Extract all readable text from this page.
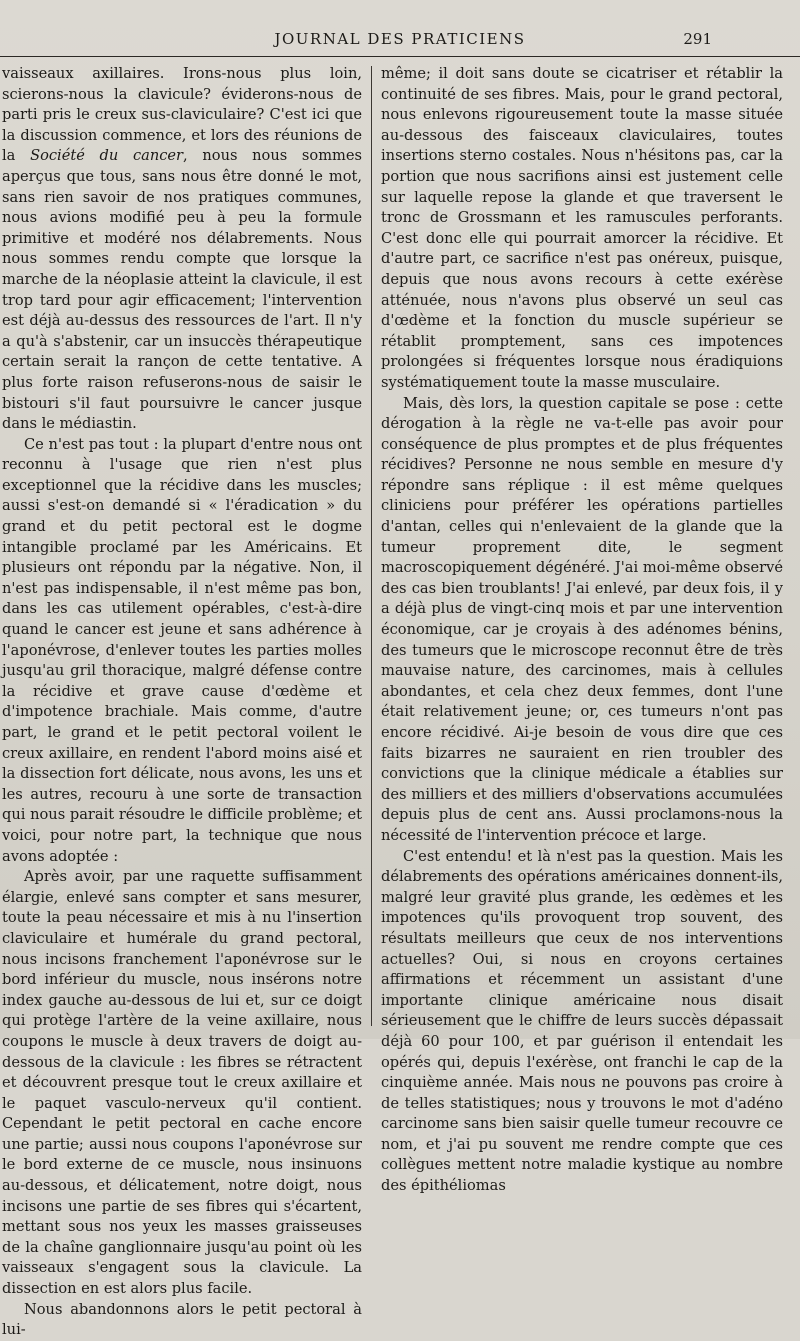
JOURNAL DES PRATICIENS	291

vaisseaux axillaires. Irons-nous plus loin, scierons-nous la clavicule? éviderons-nous de parti pris le creux sus-claviculaire? C'est ici que la discussion commence, et lors des réunions de la Société du cancer, nous nous sommes aperçus que tous, sans nous être donné le mot, sans rien savoir de nos pratiques communes, nous avions modifié peu à peu la formule primitive et modéré nos délabrements. Nous nous sommes rendu compte que lorsque la marche de la néoplasie atteint la clavicule, il est trop tard pour agir efficacement; l'intervention est déjà au-dessus des ressources de l'art. Il n'y a qu'à s'abstenir, car un insuccès thérapeutique certain serait la rançon de cette tentative. A plus forte raison refuserons-nous de saisir le bistouri s'il faut poursuivre le cancer jusque dans le médiastin.

Ce n'est pas tout : la plupart d'entre nous ont reconnu à l'usage que rien n'est plus exceptionnel que la récidive dans les muscles; aussi s'est-on demandé si « l'éradication » du grand et du petit pectoral est le dogme intangible proclamé par les Américains. Et plusieurs ont répondu par la négative. Non, il n'est pas indispensable, il n'est même pas bon, dans les cas utilement opérables, c'est-à-dire quand le cancer est jeune et sans adhérence à l'aponévrose, d'enlever toutes les parties molles jusqu'au gril thoracique, malgré défense contre la récidive et grave cause d'œdème et d'impotence brachiale. Mais comme, d'autre part, le grand et le petit pectoral voilent le creux axillaire, en rendent l'abord moins aisé et la dissection fort délicate, nous avons, les uns et les autres, recouru à une sorte de transaction qui nous parait résoudre le difficile problème; et voici, pour notre part, la technique que nous avons adoptée :

Après avoir, par une raquette suffisamment élargie, enlevé sans compter et sans mesurer, toute la peau nécessaire et mis à nu l'insertion claviculaire et humérale du grand pectoral, nous incisons franchement l'aponévrose sur le bord inférieur du muscle, nous insérons notre index gauche au-dessous de lui et, sur ce doigt qui protège l'artère de la veine axillaire, nous coupons le muscle à deux travers de doigt au-dessous de la clavicule : les fibres se rétractent et découvrent presque tout le creux axillaire et le paquet vasculo-nerveux qu'il contient. Cependant le petit pectoral en cache encore une partie; aussi nous coupons l'aponévrose sur le bord externe de ce muscle, nous insinuons au-dessous, et délicatement, notre doigt, nous incisons une partie de ses fibres qui s'écartent, mettant sous nos yeux les masses graisseuses de la chaîne ganglionnaire jusqu'au point où les vaisseaux s'engagent sous la clavicule. La dissection en est alors plus facile.

Nous abandonnons alors le petit pectoral à lui-

même; il doit sans doute se cicatriser et rétablir la continuité de ses fibres. Mais, pour le grand pectoral, nous enlevons rigoureusement toute la masse située au-dessous des faisceaux claviculaires, toutes insertions sterno costales. Nous n'hésitons pas, car la portion que nous sacrifions ainsi est justement celle sur laquelle repose la glande et que traversent le tronc de Grossmann et les ramuscules perforants. C'est donc elle qui pourrait amorcer la récidive. Et d'autre part, ce sacrifice n'est pas onéreux, puisque, depuis que nous avons recours à cette exérèse atténuée, nous n'avons plus observé un seul cas d'œdème et la fonction du muscle supérieur se rétablit promptement, sans ces impotences prolongées si fréquentes lorsque nous éradiquions systématiquement toute la masse musculaire.

Mais, dès lors, la question capitale se pose : cette dérogation à la règle ne va-t-elle pas avoir pour conséquence de plus promptes et de plus fréquentes récidives? Personne ne nous semble en mesure d'y répondre sans réplique : il est même quelques cliniciens pour préférer les opérations partielles d'antan, celles qui n'enlevaient de la glande que la tumeur proprement dite, le segment macroscopiquement dégénéré. J'ai moi-même observé des cas bien troublants! J'ai enlevé, par deux fois, il y a déjà plus de vingt-cinq mois et par une intervention économique, car je croyais à des adénomes bénins, des tumeurs que le microscope reconnut être de très mauvaise nature, des carcinomes, mais à cellules abondantes, et cela chez deux femmes, dont l'une était relativement jeune; or, ces tumeurs n'ont pas encore récidivé. Ai-je besoin de vous dire que ces faits bizarres ne sauraient en rien troubler des convictions que la clinique médicale a établies sur des milliers et des milliers d'observations accumulées depuis plus de cent ans. Aussi proclamons-nous la nécessité de l'intervention précoce et large.

C'est entendu! et là n'est pas la question. Mais les délabrements des opérations américaines donnent-ils, malgré leur gravité plus grande, les œdèmes et les impotences qu'ils provoquent trop souvent, des résultats meilleurs que ceux de nos interventions actuelles? Oui, si nous en croyons certaines affirmations et récemment un assistant d'une importante clinique américaine nous disait sérieusement que le chiffre de leurs succès dépassait déjà 60 pour 100, et par guérison il entendait les opérés qui, depuis l'exérèse, ont franchi le cap de la cinquième année. Mais nous ne pouvons pas croire à de telles statistiques; nous y trouvons le mot d'adéno carcinome sans bien saisir quelle tumeur recouvre ce nom, et j'ai pu souvent me rendre compte que ces collègues mettent notre maladie kystique au nombre des épithéliomas
